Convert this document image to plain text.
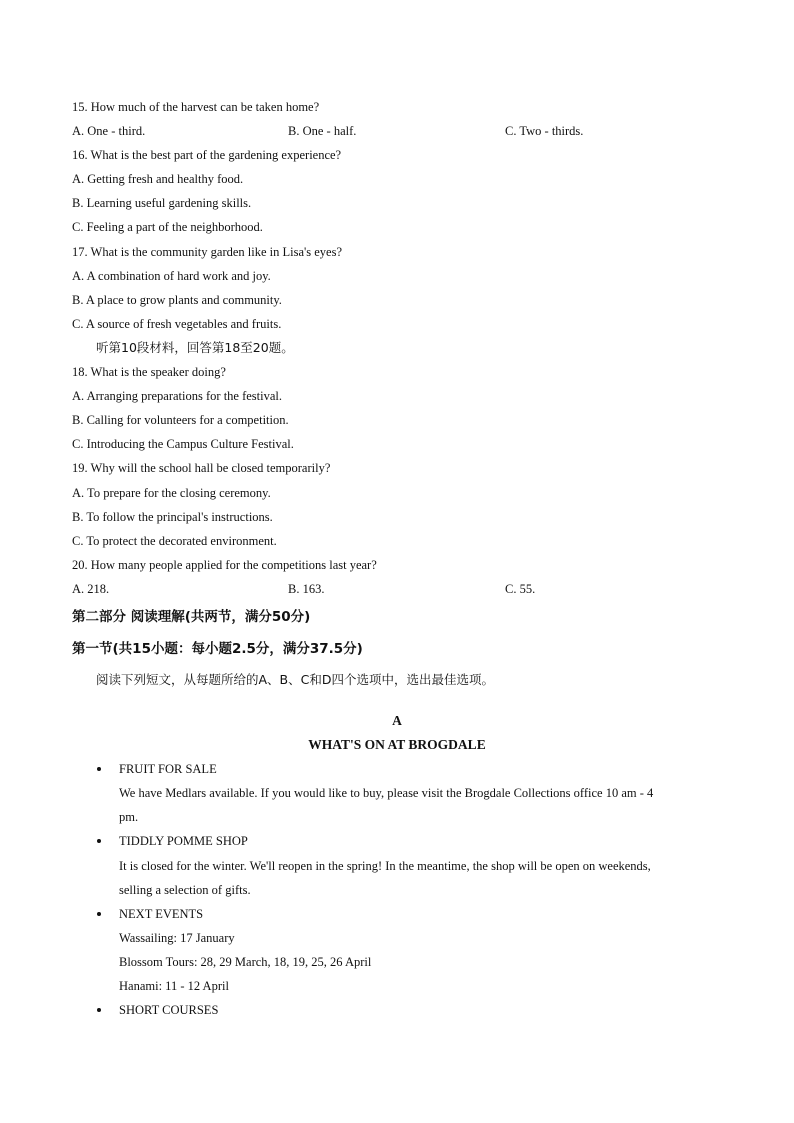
15. How much of the harvest can be taken home?
A. One - third.	B. One - half.	C. Two - thirds.
16. What is the best part of the gardening experience?
A. Getting fresh and healthy food.
B. Learning useful gardening skills.
C. Feeling a part of the neighborhood.
17. What is the community garden like in Lisa's eyes?
A. A combination of hard work and joy.
B. A place to grow plants and community.
C. A source of fresh vegetables and fruits.
听第10段材料，回答第18至20题。
18. What is the speaker doing?
A. Arranging preparations for the festival.
B. Calling for volunteers for a competition.
C. Introducing the Campus Culture Festival.
19. Why will the school hall be closed temporarily?
A. To prepare for the closing ceremony.
B. To follow the principal's instructions.
C. To protect the decorated environment.
20. How many people applied for the competitions last year?
A. 218.	B. 163.	C. 55.
第二部分 阅读理解(共两节，满分50分)
第一节(共15小题：每小题2.5分，满分37.5分)
阅读下列短文，从每题所给的A、B、C和D四个选项中，选出最佳选项。
A
WHAT'S ON AT BROGDALE
FRUIT FOR SALE
We have Medlars available. If you would like to buy, please visit the Brogdale Collections office 10 am - 4
pm.
TIDDLY POMME SHOP
It is closed for the winter. We'll reopen in the spring! In the meantime, the shop will be open on weekends,
selling a selection of gifts.
NEXT EVENTS
Wassailing: 17 January
Blossom Tours: 28, 29 March, 18, 19, 25, 26 April
Hanami: 11 - 12 April
SHORT COURSES
